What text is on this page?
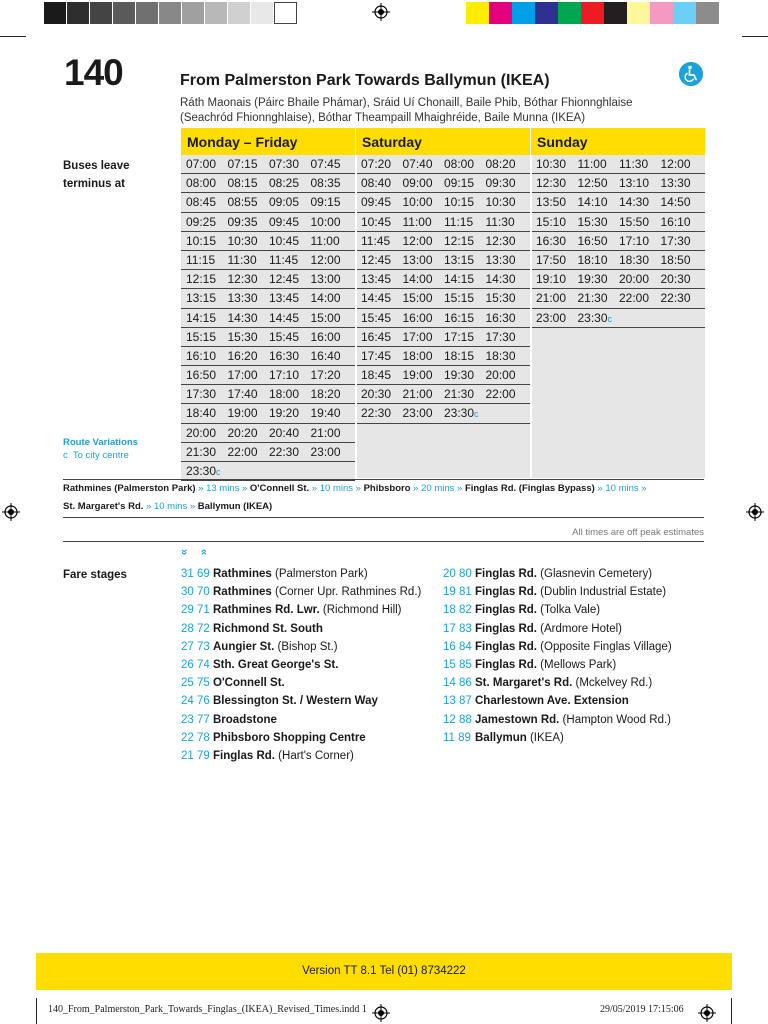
140	From Palmerston Park Towards Ballymun (IKEA)
Ráth Maonais (Páirc Bhaile Phámar), Sráid Uí Chonaill, Baile Phib, Bóthar Fhionnghlaise
(Seachród Fhionnghlaise), Bóthar Theampaill Mhaighréide, Baile Munna (IKEA)
Buses leave
terminus at
Route Variations
c To city centre
Monday – Friday
07:00 07:15 07:30 07:45
08:00 08:15 08:25 08:35
08:45 08:55 09:05 09:15
09:25 09:35 09:45 10:00
10:15 10:30 10:45 11:00
11:15	11:30	11:45	12:00
12:15 12:30 12:45 13:00
13:15 13:30 13:45 14:00
14:15 14:30 14:45 15:00
15:15 15:30 15:45 16:00
16:10 16:20 16:30 16:40
16:50 17:00 17:10 17:20
17:30 17:40 18:00 18:20
18:40 19:00 19:20 19:40
20:00 20:20 20:40 21:00
21:30 22:00 22:30 23:00
23:30c
Saturday
07:20 07:40 08:00 08:20
08:40 09:00 09:15 09:30
09:45 10:00 10:15 10:30
10:45 11:00	11:15	11:30
11:45	12:00 12:15 12:30
12:45 13:00 13:15 13:30
13:45 14:00 14:15 14:30
14:45 15:00 15:15 15:30
15:45 16:00 16:15 16:30
16:45 17:00 17:15 17:30
17:45 18:00 18:15 18:30
18:45 19:00 19:30 20:00
20:30 21:00 21:30 22:00
22:30 23:00 23:30c
Sunday
10:30 11:00	11:30	12:00
12:30 12:50 13:10 13:30
13:50 14:10 14:30 14:50
15:10 15:30 15:50 16:10
16:30 16:50 17:10 17:30
17:50 18:10 18:30 18:50
19:10 19:30 20:00 20:30
21:00 21:30 22:00 22:30
23:00 23:30c
Rathmines (Palmerston Park) » 13 mins » O'Connell St. » 10 mins » Phibsboro » 20 mins » Finglas Rd. (Finglas Bypass) » 10 mins »
St. Margaret's Rd. » 10 mins » Ballymun (IKEA)
All times are off peak estimates
Fare stages
» »
31 69 Rathmines (Palmerston Park)
30 70 Rathmines (Corner Upr. Rathmines Rd.)
29 71 Rathmines Rd. Lwr. (Richmond Hill)
28 72 Richmond St. South
27 73 Aungier St. (Bishop St.)
26 74 Sth. Great George's St.
25 75 O'Connell St.
24 76 Blessington St. / Western Way
23 77 Broadstone
22 78 Phibsboro Shopping Centre
21 79 Finglas Rd. (Hart's Corner)
20 80 Finglas Rd. (Glasnevin Cemetery)
19 81 Finglas Rd. (Dublin Industrial Estate)
18 82 Finglas Rd. (Tolka Vale)
17 83 Finglas Rd. (Ardmore Hotel)
16 84 Finglas Rd. (Opposite Finglas Village)
15 85 Finglas Rd. (Mellows Park)
14 86 St. Margaret's Rd. (Mckelvey Rd.)
13 87 Charlestown Ave. Extension
12 88 Jamestown Rd. (Hampton Wood Rd.)
11 89 Ballymun (IKEA)
Version TT 8.1 Tel (01) 8734222
140_From_Palmerston_Park_Towards_Finglas_(IKEA)_Revised_Times.indd 1	29/05/2019 17:15:06
